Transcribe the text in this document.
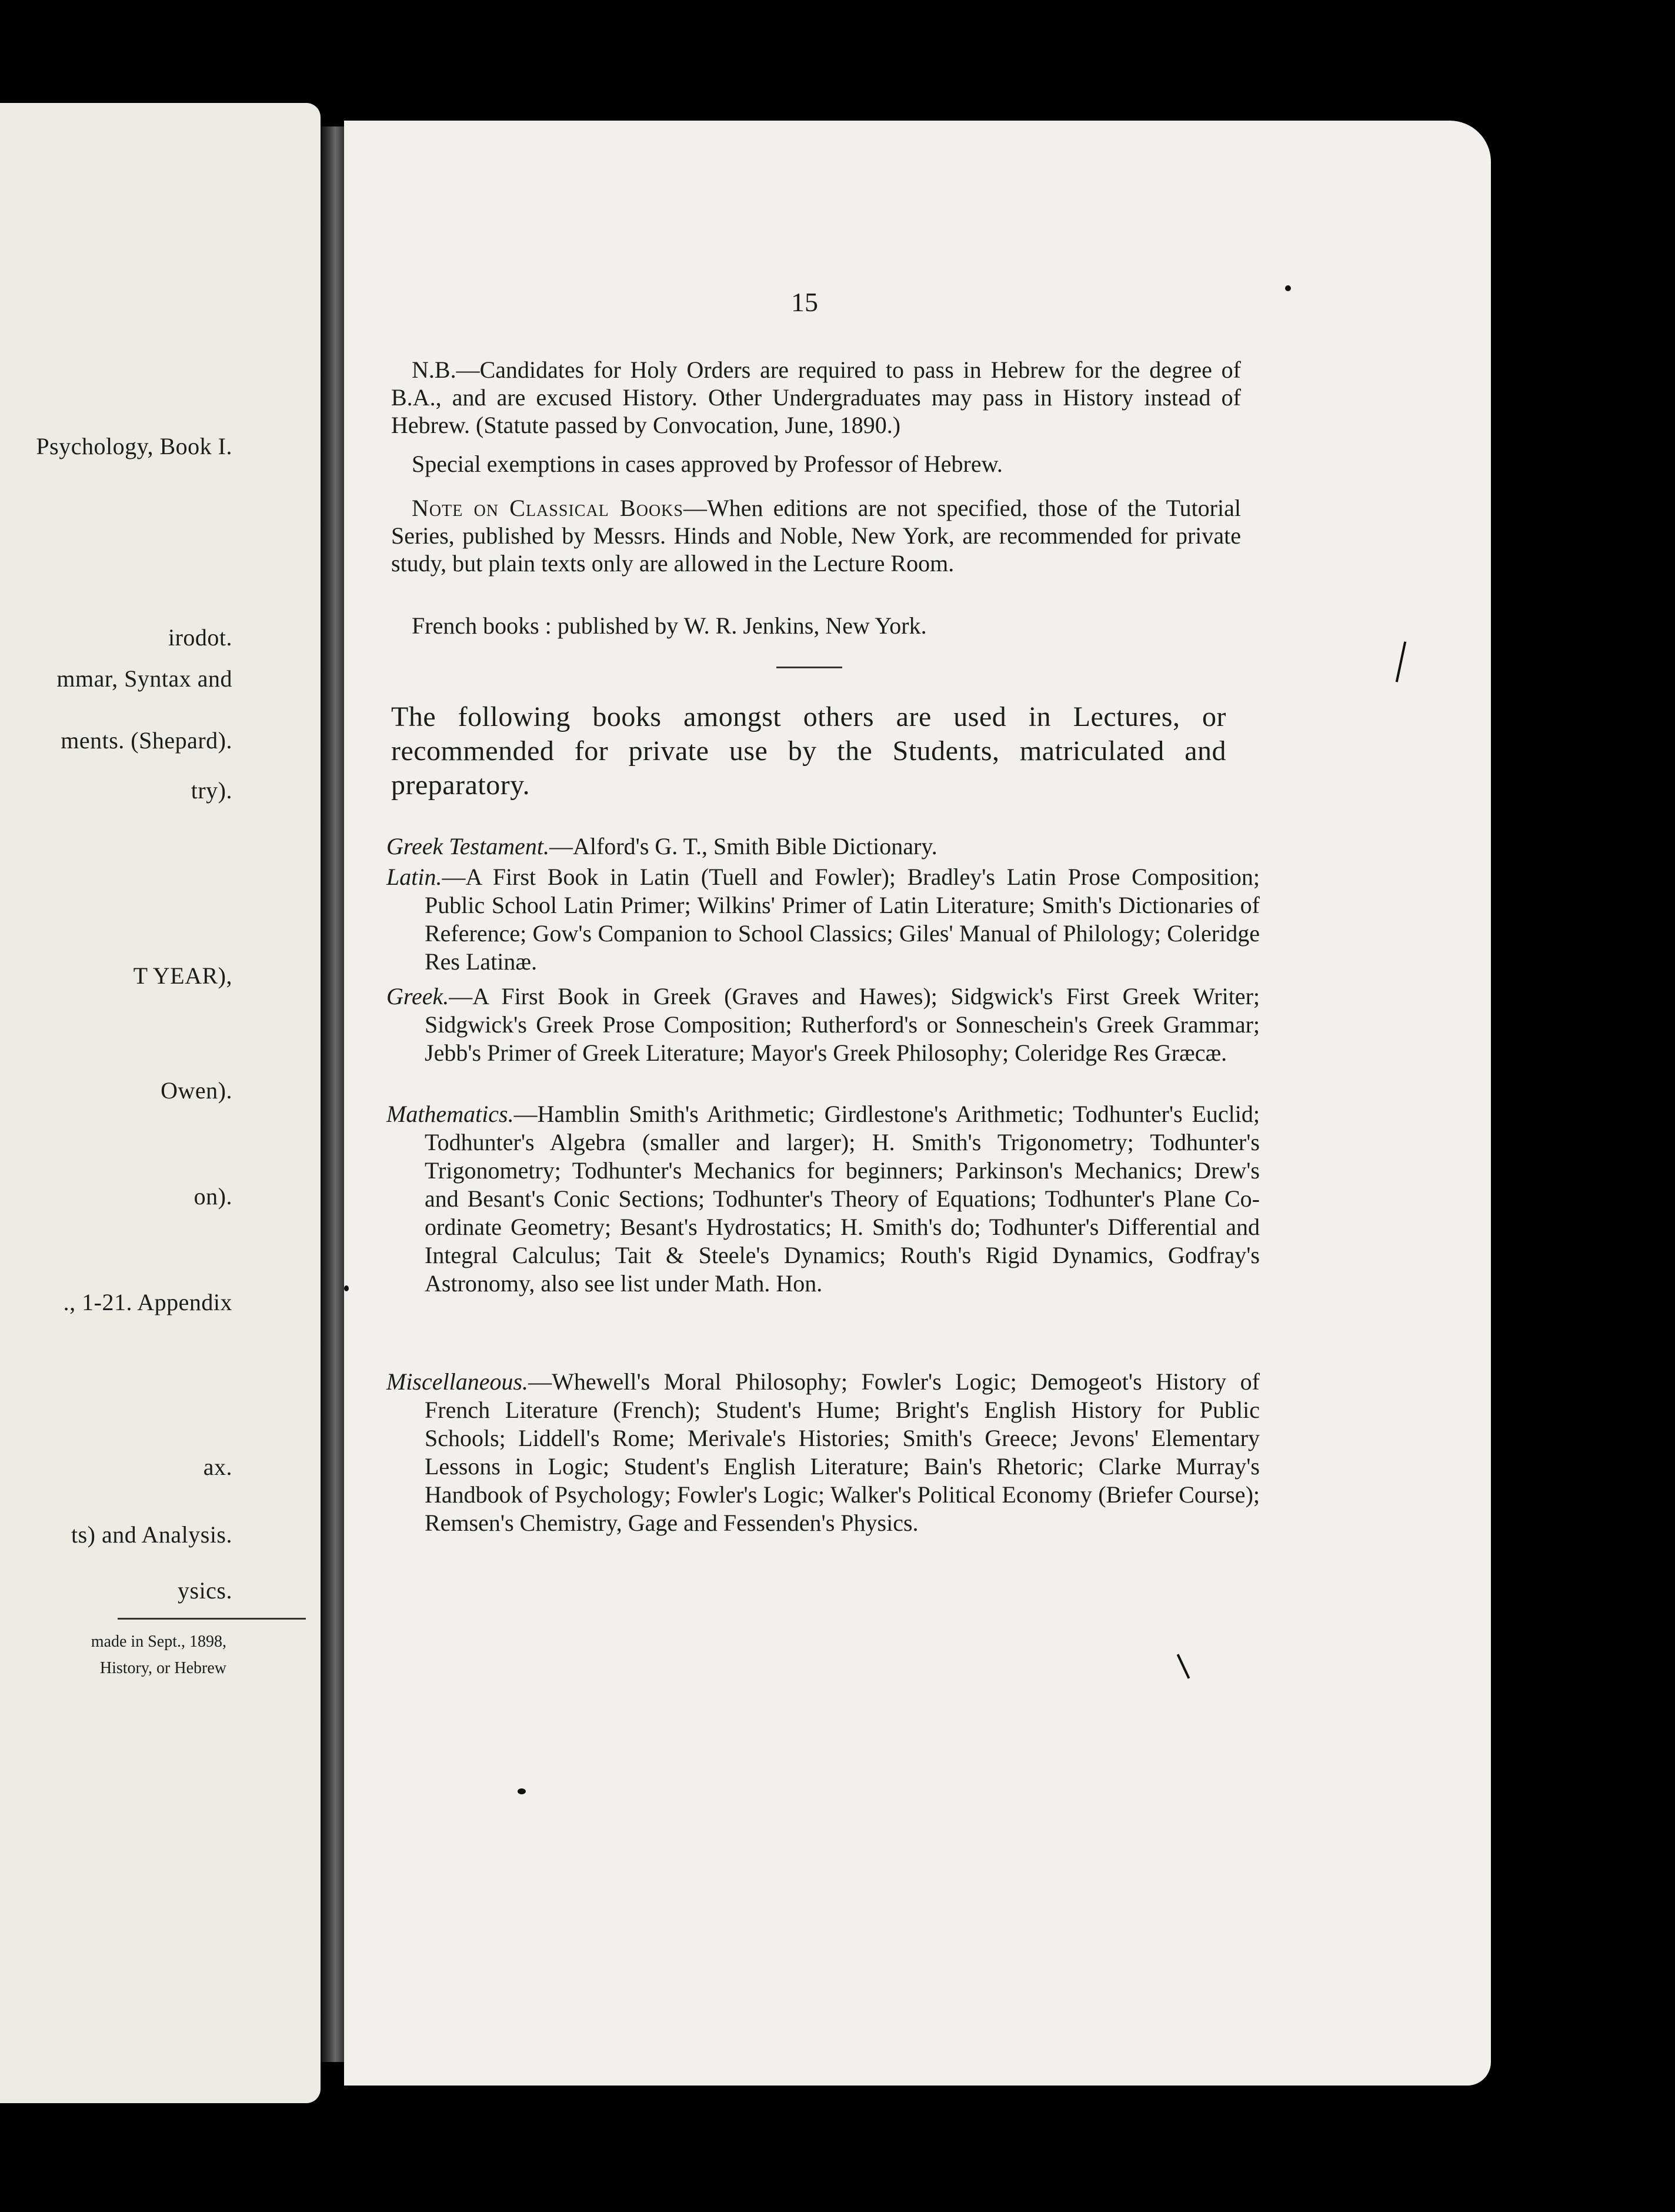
Psychology, Book I.
irodot.
mmar, Syntax and
ments. (Shepard).
try).
T YEAR),
Owen).
on).
., 1-21. Appendix
ax.
ts) and Analysis.
ysics.
made in Sept., 1898,
History, or Hebrew
15
N.B.—Candidates for Holy Orders are required to pass in Hebrew for the degree of B.A., and are excused History. Other Undergraduates may pass in History instead of Hebrew. (Statute passed by Convocation, June, 1890.)
Special exemptions in cases approved by Professor of Hebrew.
Note on Classical Books—When editions are not specified, those of the Tutorial Series, published by Messrs. Hinds and Noble, New York, are recommended for private study, but plain texts only are allowed in the Lecture Room.
French books : published by W. R. Jenkins, New York.
The following books amongst others are used in Lectures, or recommended for private use by the Students, matriculated and preparatory.
Greek Testament.—Alford's G. T., Smith Bible Dictionary.
Latin.—A First Book in Latin (Tuell and Fowler); Bradley's Latin Prose Composition; Public School Latin Primer; Wilkins' Primer of Latin Literature; Smith's Dictionaries of Reference; Gow's Companion to School Classics; Giles' Manual of Philology; Coleridge Res Latinæ.
Greek.—A First Book in Greek (Graves and Hawes); Sidgwick's First Greek Writer; Sidgwick's Greek Prose Composition; Rutherford's or Sonneschein's Greek Grammar; Jebb's Primer of Greek Literature; Mayor's Greek Philosophy; Coleridge Res Græcæ.
Mathematics.—Hamblin Smith's Arithmetic; Girdlestone's Arithmetic; Todhunter's Euclid; Todhunter's Algebra (smaller and larger); H. Smith's Trigonometry; Todhunter's Trigonometry; Todhunter's Mechanics for beginners; Parkinson's Mechanics; Drew's and Besant's Conic Sections; Todhunter's Theory of Equations; Todhunter's Plane Co-ordinate Geometry; Besant's Hydrostatics; H. Smith's do; Todhunter's Differential and Integral Calculus; Tait & Steele's Dynamics; Routh's Rigid Dynamics, Godfray's Astronomy, also see list under Math. Hon.
Miscellaneous.—Whewell's Moral Philosophy; Fowler's Logic; Demogeot's History of French Literature (French); Student's Hume; Bright's English History for Public Schools; Liddell's Rome; Merivale's Histories; Smith's Greece; Jevons' Elementary Lessons in Logic; Student's English Literature; Bain's Rhetoric; Clarke Murray's Handbook of Psychology; Fowler's Logic; Walker's Political Economy (Briefer Course); Remsen's Chemistry, Gage and Fessenden's Physics.
